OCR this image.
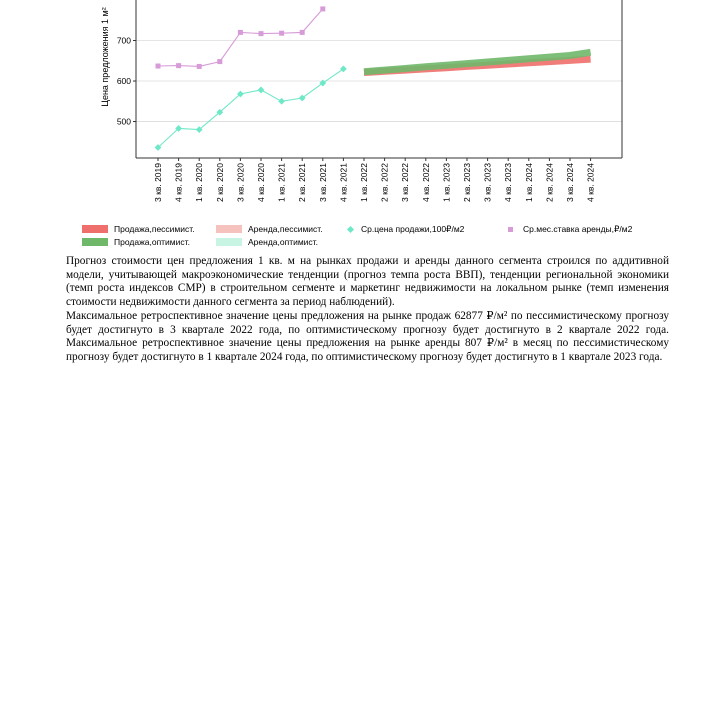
500
600
700
Цена предложения 1 м²
3 кв. 2019 4 кв. 2019 1 кв. 2020 2 кв. 2020 3 кв. 2020 4 кв. 2020 1 кв. 2021 2 кв. 2021 3 кв. 2021 4 кв. 2021 1 кв. 2022 2 кв. 2022 3 кв. 2022 4 кв. 2022 1 кв. 2023 2 кв. 2023 3 кв. 2023 4 кв. 2023 1 кв. 2024 2 кв. 2024 3 кв. 2024 4 кв. 2024
Продажа,пессимист.	Аренда,пессимист.	Ср.цена продажи,100₽/м2	Ср.мес.ставка аренды,₽/м2
Продажа,оптимист.	Аренда,оптимист.

Прогноз стоимости цен предложения 1 кв. м на рынках продажи и аренды данного сегмента строился по аддитивной модели, учитывающей макроэкономические тенденции (прогноз темпа роста ВВП), тенденции региональной экономики (темп роста индексов СМР) в строительном сегменте и маркетинг недвижимости на локальном рынке (темп изменения стоимости недвижимости данного сегмента за период наблюдений).

Максимальное ретроспективное значение цены предложения на рынке продаж 62877 ₽/м² по пессимистическому прогнозу будет достигнуто в 3 квартале 2022 года, по оптимистическому прогнозу будет достигнуто в 2 квартале 2022 года. Максимальное ретроспективное значение цены предложения на рынке аренды 807 ₽/м² в месяц по пессимистическому прогнозу будет достигнуто в 1 квартале 2024 года, по оптимистическому прогнозу будет достигнуто в 1 квартале 2023 года.
